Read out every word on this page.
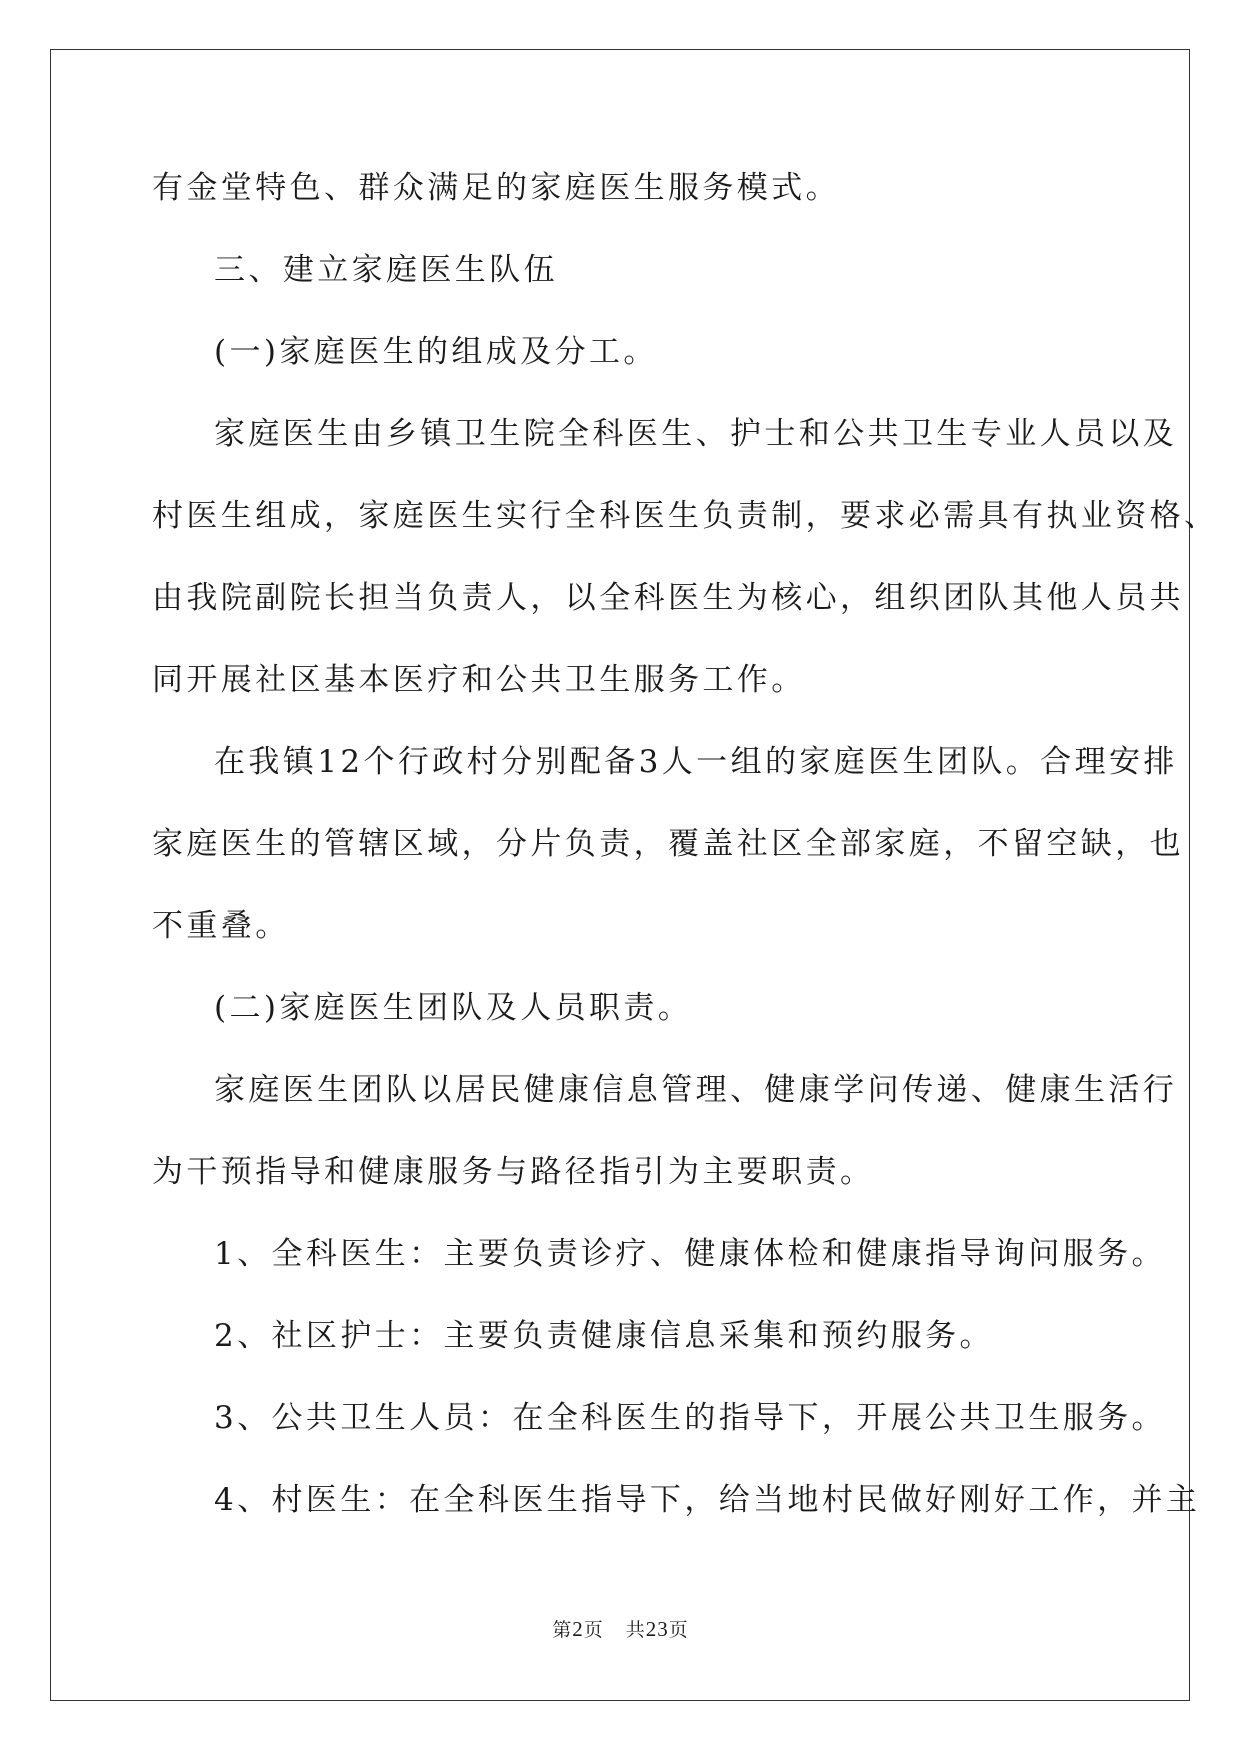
有金堂特色、群众满足的家庭医生服务模式。

三、建立家庭医生队伍

(一)家庭医生的组成及分工。

家庭医生由乡镇卫生院全科医生、护士和公共卫生专业人员以及

村医生组成，家庭医生实行全科医生负责制，要求必需具有执业资格、

由我院副院长担当负责人，以全科医生为核心，组织团队其他人员共

同开展社区基本医疗和公共卫生服务工作。

在我镇12个行政村分别配备3人一组的家庭医生团队。合理安排

家庭医生的管辖区域，分片负责，覆盖社区全部家庭，不留空缺，也

不重叠。

(二)家庭医生团队及人员职责。

家庭医生团队以居民健康信息管理、健康学问传递、健康生活行

为干预指导和健康服务与路径指引为主要职责。

1、全科医生：主要负责诊疗、健康体检和健康指导询问服务。

2、社区护士：主要负责健康信息采集和预约服务。

3、公共卫生人员：在全科医生的指导下，开展公共卫生服务。

4、村医生：在全科医生指导下，给当地村民做好刚好工作，并主

第2页 共23页
